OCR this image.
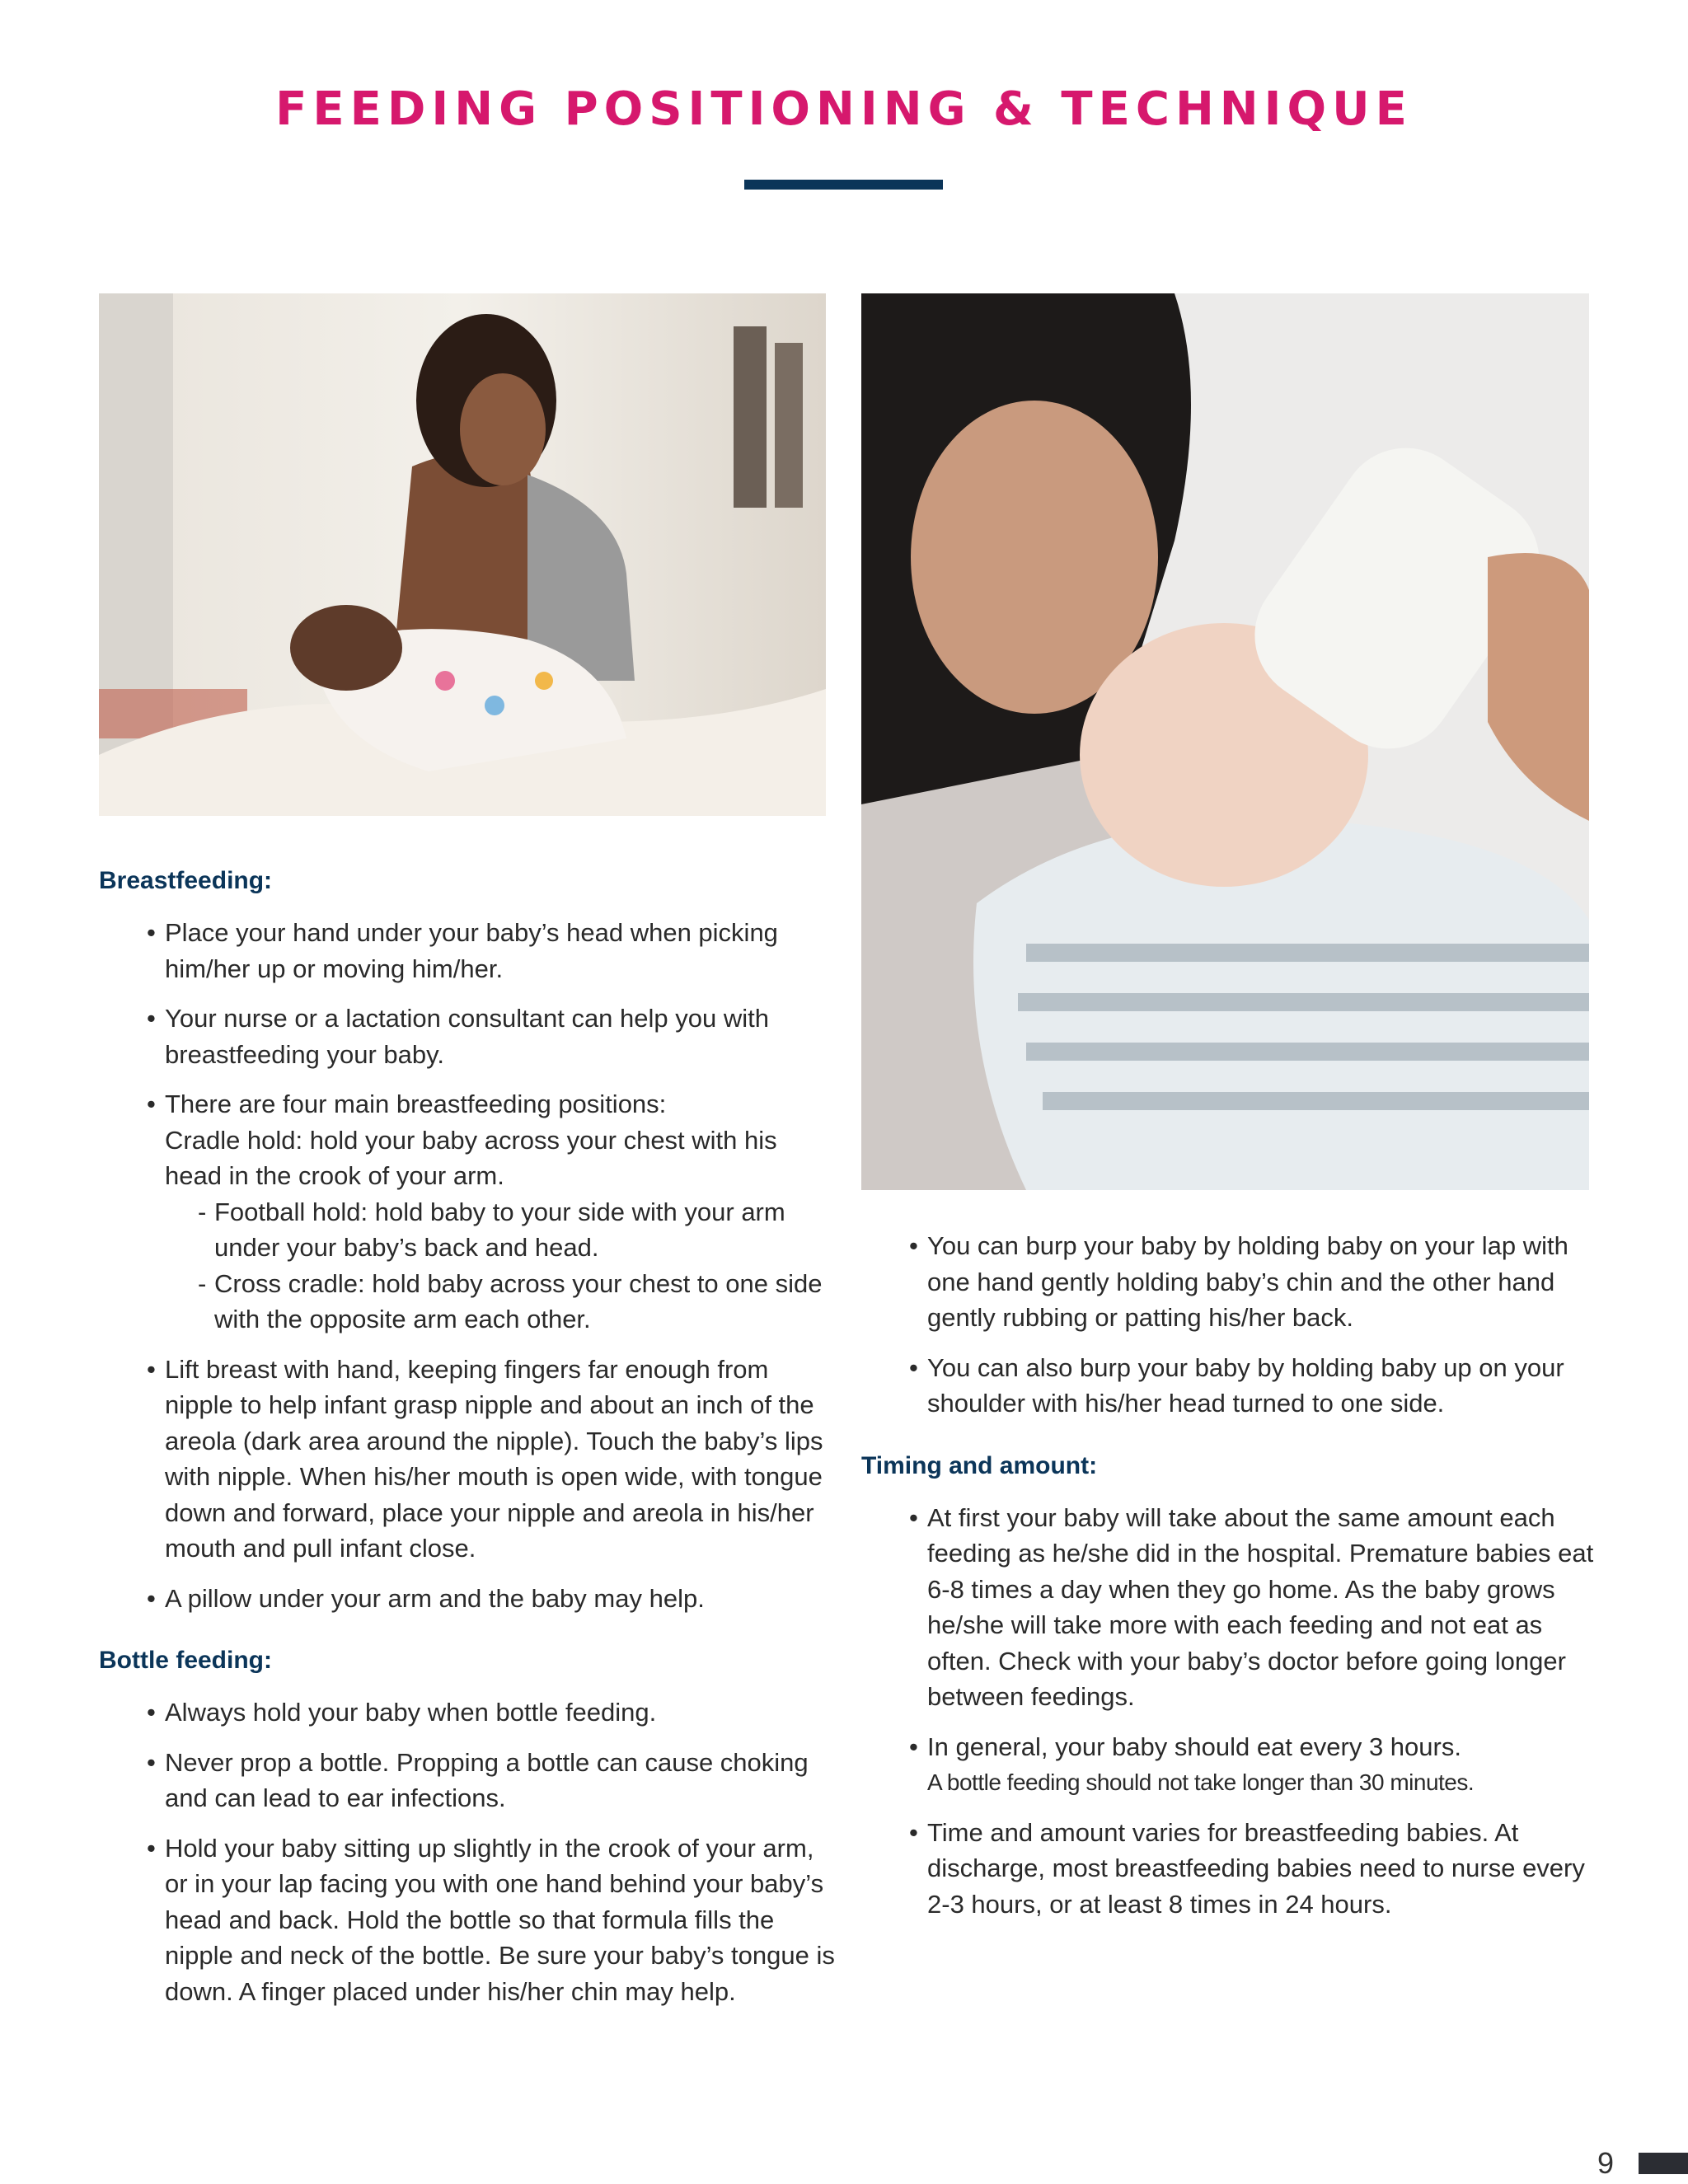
FEEDING POSITIONING & TECHNIQUE
Breastfeeding:
• Place your hand under your baby’s head when picking him/her up or moving him/her.
• Your nurse or a lactation consultant can help you with breastfeeding your baby.
• There are four main breastfeeding positions:
Cradle hold: hold your baby across your chest with his head in the crook of your arm.
- Football hold: hold baby to your side with your arm under your baby’s back and head.
- Cross cradle: hold baby across your chest to one side with the opposite arm each other.
• Lift breast with hand, keeping fingers far enough from nipple to help infant grasp nipple and about an inch of the areola (dark area around the nipple). Touch the baby’s lips with nipple. When his/her mouth is open wide, with tongue down and forward, place your nipple and areola in his/her mouth and pull infant close.
• A pillow under your arm and the baby may help.
Bottle feeding:
• Always hold your baby when bottle feeding.
• Never prop a bottle. Propping a bottle can cause choking and can lead to ear infections.
• Hold your baby sitting up slightly in the crook of your arm, or in your lap facing you with one hand behind your baby’s head and back. Hold the bottle so that formula fills the nipple and neck of the bottle. Be sure your baby’s tongue is down. A finger placed under his/her chin may help.
• You can burp your baby by holding baby on your lap with one hand gently holding baby’s chin and the other hand gently rubbing or patting his/her back.
• You can also burp your baby by holding baby up on your shoulder with his/her head turned to one side.
Timing and amount:
• At first your baby will take about the same amount each feeding as he/she did in the hospital. Premature babies eat 6-8 times a day when they go home. As the baby grows he/she will take more with each feeding and not eat as often. Check with your baby’s doctor before going longer between feedings.
• In general, your baby should eat every 3 hours.
A bottle feeding should not take longer than 30 minutes.
• Time and amount varies for breastfeeding babies. At discharge, most breastfeeding babies need to nurse every 2-3 hours, or at least 8 times in 24 hours.
9
